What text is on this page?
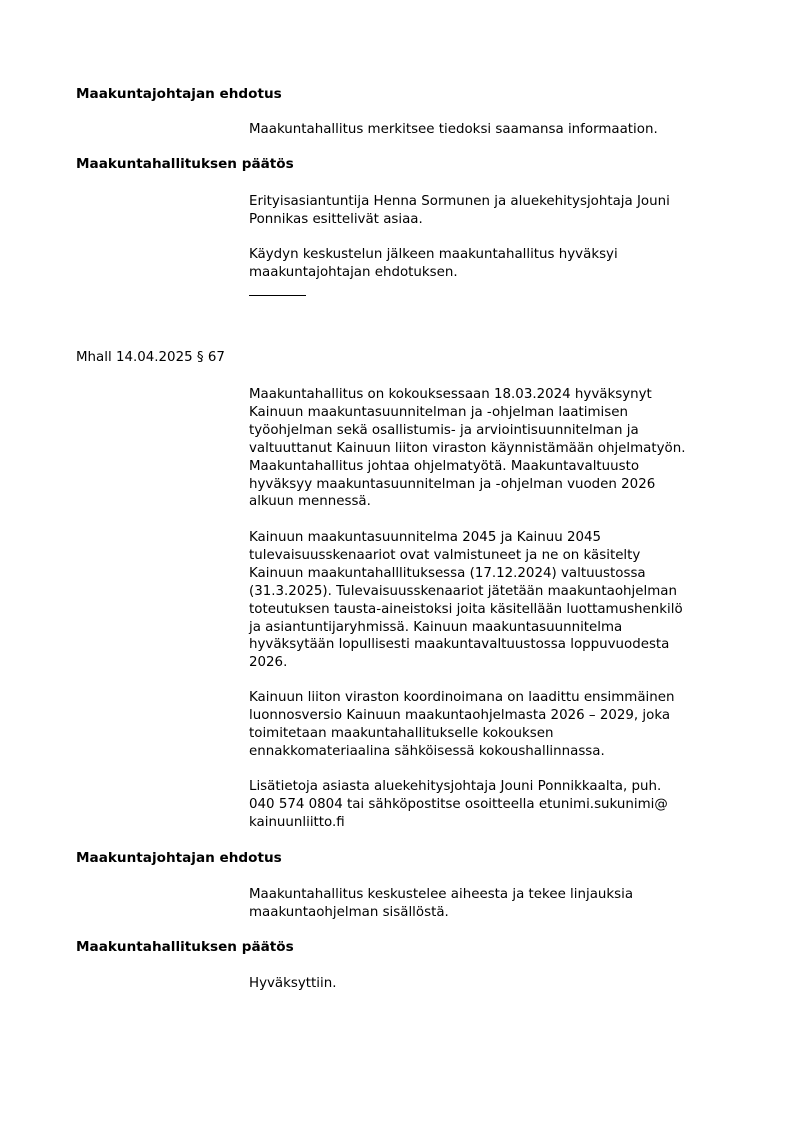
Maakuntajohtajan ehdotus
Maakuntahallitus merkitsee tiedoksi saamansa informaation.
Maakuntahallituksen päätös
Erityisasiantuntija Henna Sormunen ja aluekehitysjohtaja Jouni
Ponnikas esittelivät asiaa.
Käydyn keskustelun jälkeen maakuntahallitus hyväksyi
maakuntajohtajan ehdotuksen.
Mhall 14.04.2025 § 67
Maakuntahallitus on kokouksessaan 18.03.2024 hyväksynyt
Kainuun maakuntasuunnitelman ja -ohjelman laatimisen
työohjelman sekä osallistumis- ja arviointisuunnitelman ja
valtuuttanut Kainuun liiton viraston käynnistämään ohjelmatyön.
Maakuntahallitus johtaa ohjelmatyötä. Maakuntavaltuusto
hyväksyy maakuntasuunnitelman ja -ohjelman vuoden 2026
alkuun mennessä.
Kainuun maakuntasuunnitelma 2045 ja Kainuu 2045
tulevaisuusskenaariot ovat valmistuneet ja ne on käsitelty
Kainuun maakuntahalllituksessa (17.12.2024) valtuustossa
(31.3.2025). Tulevaisuusskenaariot jätetään maakuntaohjelman
toteutuksen tausta-aineistoksi joita käsitellään luottamushenkilö
ja asiantuntijaryhmissä. Kainuun maakuntasuunnitelma
hyväksytään lopullisesti maakuntavaltuustossa loppuvuodesta
2026.
Kainuun liiton viraston koordinoimana on laadittu ensimmäinen
luonnosversio Kainuun maakuntaohjelmasta 2026 – 2029, joka
toimitetaan maakuntahallitukselle kokouksen
ennakkomateriaalina sähköisessä kokoushallinnassa.
Lisätietoja asiasta aluekehitysjohtaja Jouni Ponnikkaalta, puh.
040 574 0804 tai sähköpostitse osoitteella etunimi.sukunimi@
kainuunliitto.fi
Maakuntajohtajan ehdotus
Maakuntahallitus keskustelee aiheesta ja tekee linjauksia
maakuntaohjelman sisällöstä.
Maakuntahallituksen päätös
Hyväksyttiin.
